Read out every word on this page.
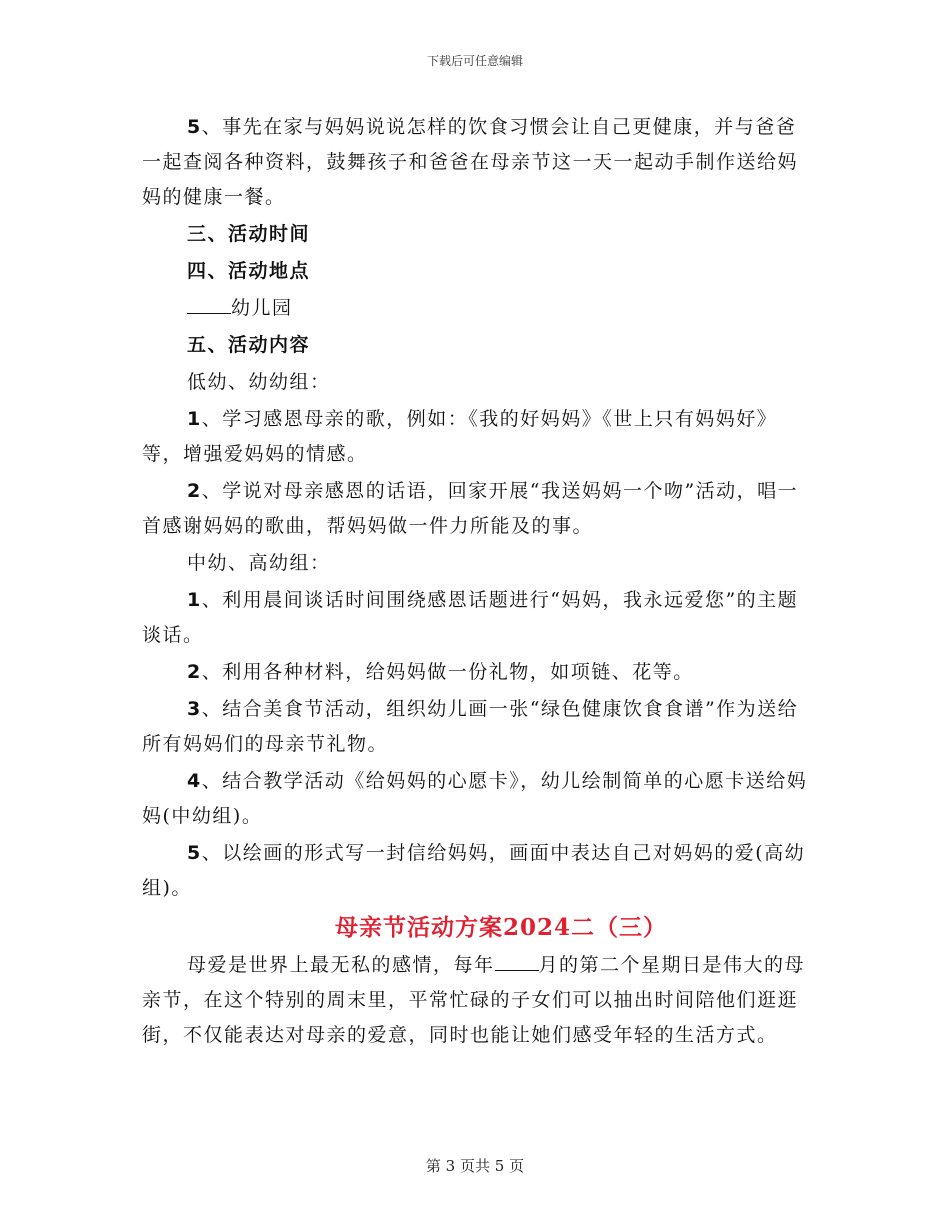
下载后可任意编辑

5、事先在家与妈妈说说怎样的饮食习惯会让自己更健康，并与爸爸一起查阅各种资料，鼓舞孩子和爸爸在母亲节这一天一起动手制作送给妈妈的健康一餐。

三、活动时间

四、活动地点

幼儿园

五、活动内容

低幼、幼幼组：

1、学习感恩母亲的歌，例如：《我的好妈妈》《世上只有妈妈好》等，增强爱妈妈的情感。

2、学说对母亲感恩的话语，回家开展“我送妈妈一个吻”活动，唱一首感谢妈妈的歌曲，帮妈妈做一件力所能及的事。

中幼、高幼组：

1、利用晨间谈话时间围绕感恩话题进行“妈妈，我永远爱您”的主题谈话。

2、利用各种材料，给妈妈做一份礼物，如项链、花等。

3、结合美食节活动，组织幼儿画一张“绿色健康饮食食谱”作为送给所有妈妈们的母亲节礼物。

4、结合教学活动《给妈妈的心愿卡》，幼儿绘制简单的心愿卡送给妈妈(中幼组)。

5、以绘画的形式写一封信给妈妈，画面中表达自己对妈妈的爱(高幼组)。

母亲节活动方案2024二（三）

母爱是世界上最无私的感情，每年 月的第二个星期日是伟大的母亲节，在这个特别的周末里，平常忙碌的子女们可以抽出时间陪他们逛逛街，不仅能表达对母亲的爱意，同时也能让她们感受年轻的生活方式。

第 3 页共 5 页
